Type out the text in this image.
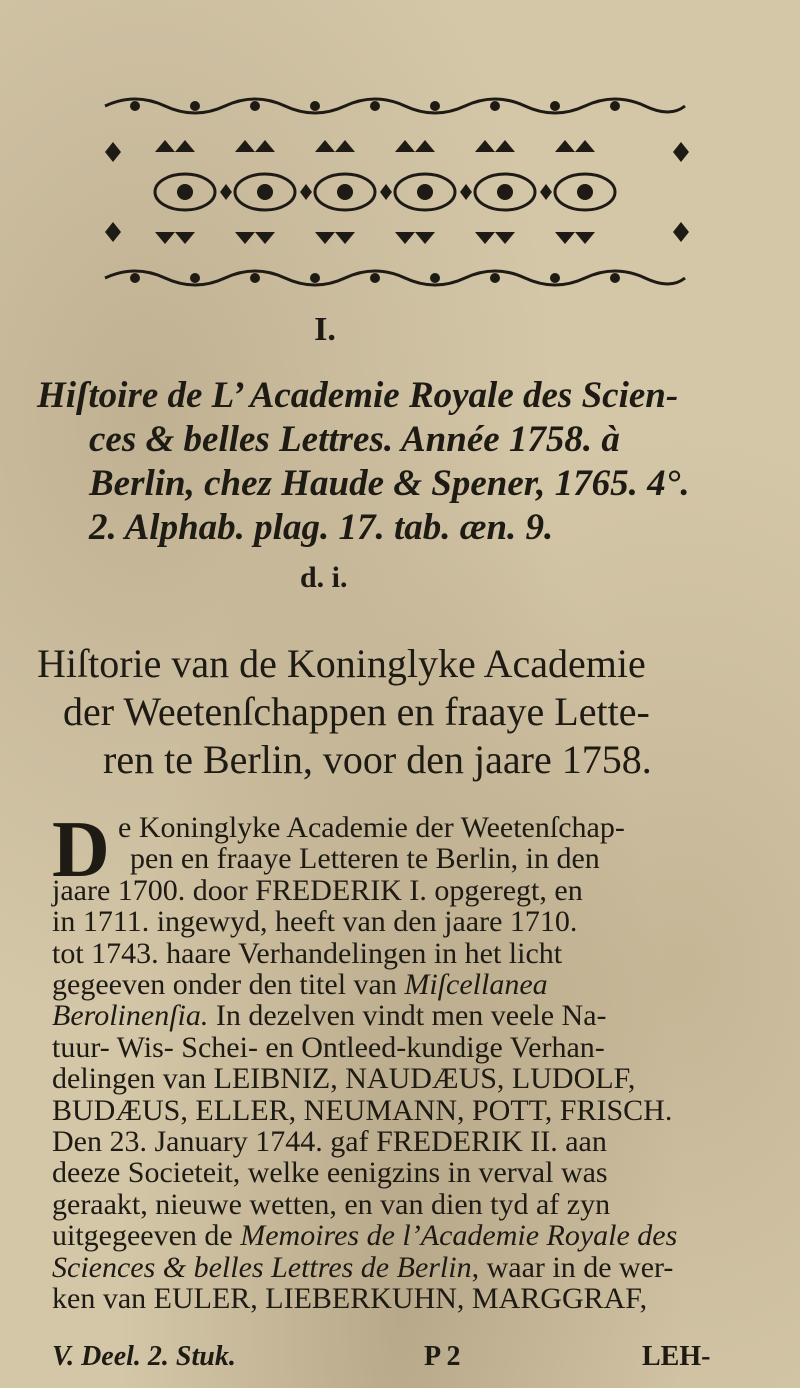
I.
Hiſtoire de L’ Academie Royale des Scien-
ces & belles Lettres. Année 1758. à
Berlin, chez Haude & Spener, 1765. 4°.
2. Alphab. plag. 17. tab. æn. 9.
d. i.
Hiſtorie van de Koninglyke Academie
der Weetenſchappen en fraaye Lette-
ren te Berlin, voor den jaare 1758.
D e Koninglyke Academie der Weetenſchap-
pen en fraaye Letteren te Berlin, in den
jaare 1700. door FREDERIK I. opgeregt, en
in 1711. ingewyd, heeft van den jaare 1710.
tot 1743. haare Verhandelingen in het licht
gegeeven onder den titel van Miſcellanea
Berolinenſia. In dezelven vindt men veele Na-
tuur- Wis- Schei- en Ontleed-kundige Verhan-
delingen van LEIBNIZ, NAUDÆUS, LUDOLF,
BUDÆUS, ELLER, NEUMANN, POTT, FRISCH.
Den 23. January 1744. gaf FREDERIK II. aan
deeze Societeit, welke eenigzins in verval was
geraakt, nieuwe wetten, en van dien tyd af zyn
uitgegeeven de Memoires de l’Academie Royale des
Sciences & belles Lettres de Berlin, waar in de wer-
ken van EULER, LIEBERKUHN, MARGGRAF,
V. Deel. 2. Stuk.	P 2	LEH-
